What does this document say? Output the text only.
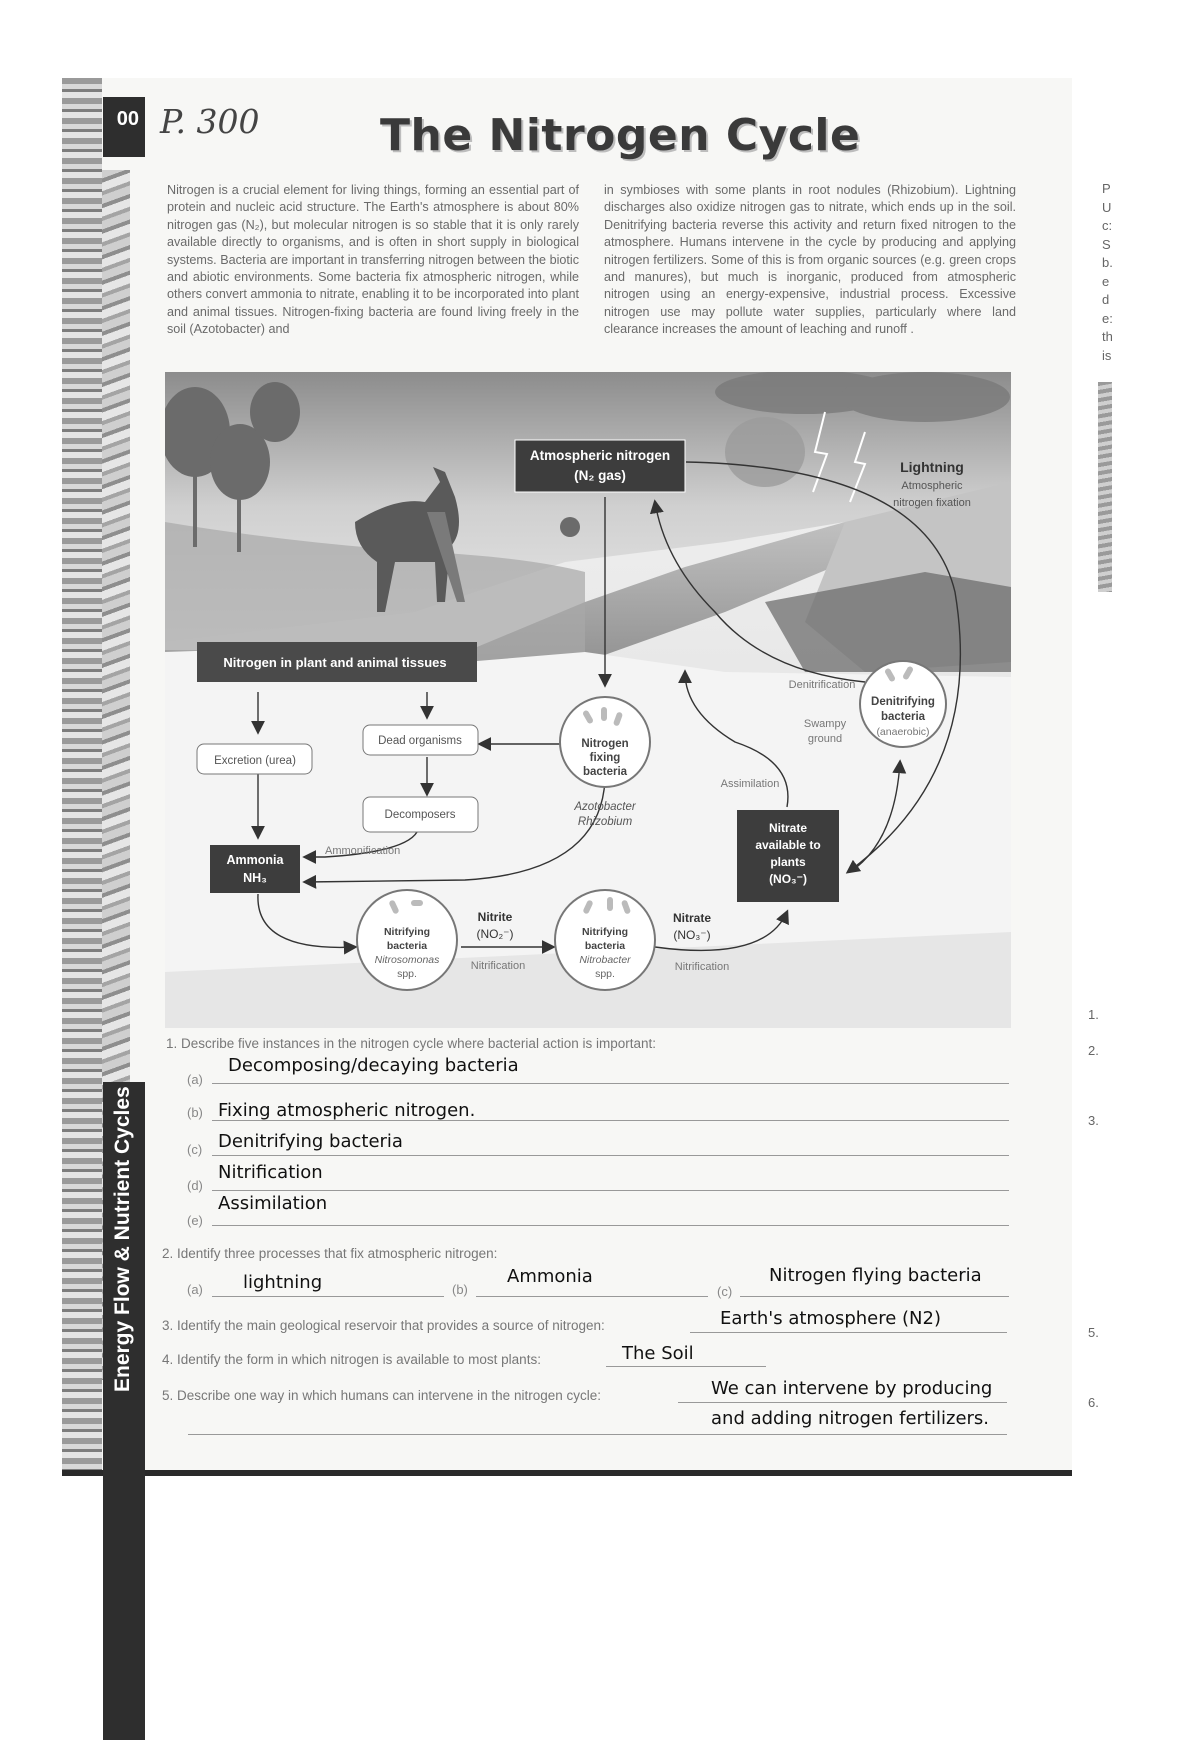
00 P. 300	The Nitrogen Cycle
Energy Flow & Nutrient Cycles
Nitrogen is a crucial element for living things, forming an essential part of protein and nucleic acid structure. The Earth's atmosphere is about 80% nitrogen gas (N₂), but molecular nitrogen is so stable that it is only rarely available directly to organisms, and is often in short supply in biological systems. Bacteria are important in transferring nitrogen between the biotic and abiotic environments. Some bacteria fix atmospheric nitrogen, while others convert ammonia to nitrate, enabling it to be incorporated into plant and animal tissues. Nitrogen-fixing bacteria are found living freely in the soil (Azotobacter) and
in symbioses with some plants in root nodules (Rhizobium). Lightning discharges also oxidize nitrogen gas to nitrate, which ends up in the soil. Denitrifying bacteria reverse this activity and return fixed nitrogen to the atmosphere. Humans intervene in the cycle by producing and applying nitrogen fertilizers. Some of this is from organic sources (e.g. green crops and manures), but much is inorganic, produced from atmospheric nitrogen using an energy-expensive, industrial process. Excessive nitrogen use may pollute water supplies, particularly where land clearance increases the amount of leaching and runoff .
P
U
c:
S
b.
e
d
e:
th
is
1.
2.
3.
5.
6.
Atmospheric nitrogen
(N₂ gas)
Lightning
Atmospheric
nitrogen fixation
Nitrogen in plant and animal tissues
Excretion (urea)
Dead organisms
Decomposers
Ammonification
Ammonia
NH₃
Nitrogen
fixing
bacteria
Azotobacter
Rhizobium
Denitrification
Denitrifying
bacteria
(anaerobic)
Swampy
ground
Assimilation
Nitrate
available to
plants
(NO₃⁻)
Nitrifying
bacteria
Nitrosomonas
spp.
Nitrite
(NO₂⁻)
Nitrification
Nitrifying
bacteria
Nitrobacter
spp.
Nitrate
(NO₃⁻)
Nitrification
1. Describe five instances in the nitrogen cycle where bacterial action is important:
(a)
Decomposing/decaying bacteria
(b) Fixing atmospheric nitrogen.
(c) Denitrifying bacteria
(d)
Nitrification
(e)
Assimilation
2. Identify three processes that fix atmospheric nitrogen:
(a) lightning	(b)
Ammonia
(c)
Nitrogen flying bacteria
3. Identify the main geological reservoir that provides a source of nitrogen:	Earth's atmosphere (N2)
4. Identify the form in which nitrogen is available to most plants:	The Soil
5. Describe one way in which humans can intervene in the nitrogen cycle:	We can intervene by producing
and adding nitrogen fertilizers.
